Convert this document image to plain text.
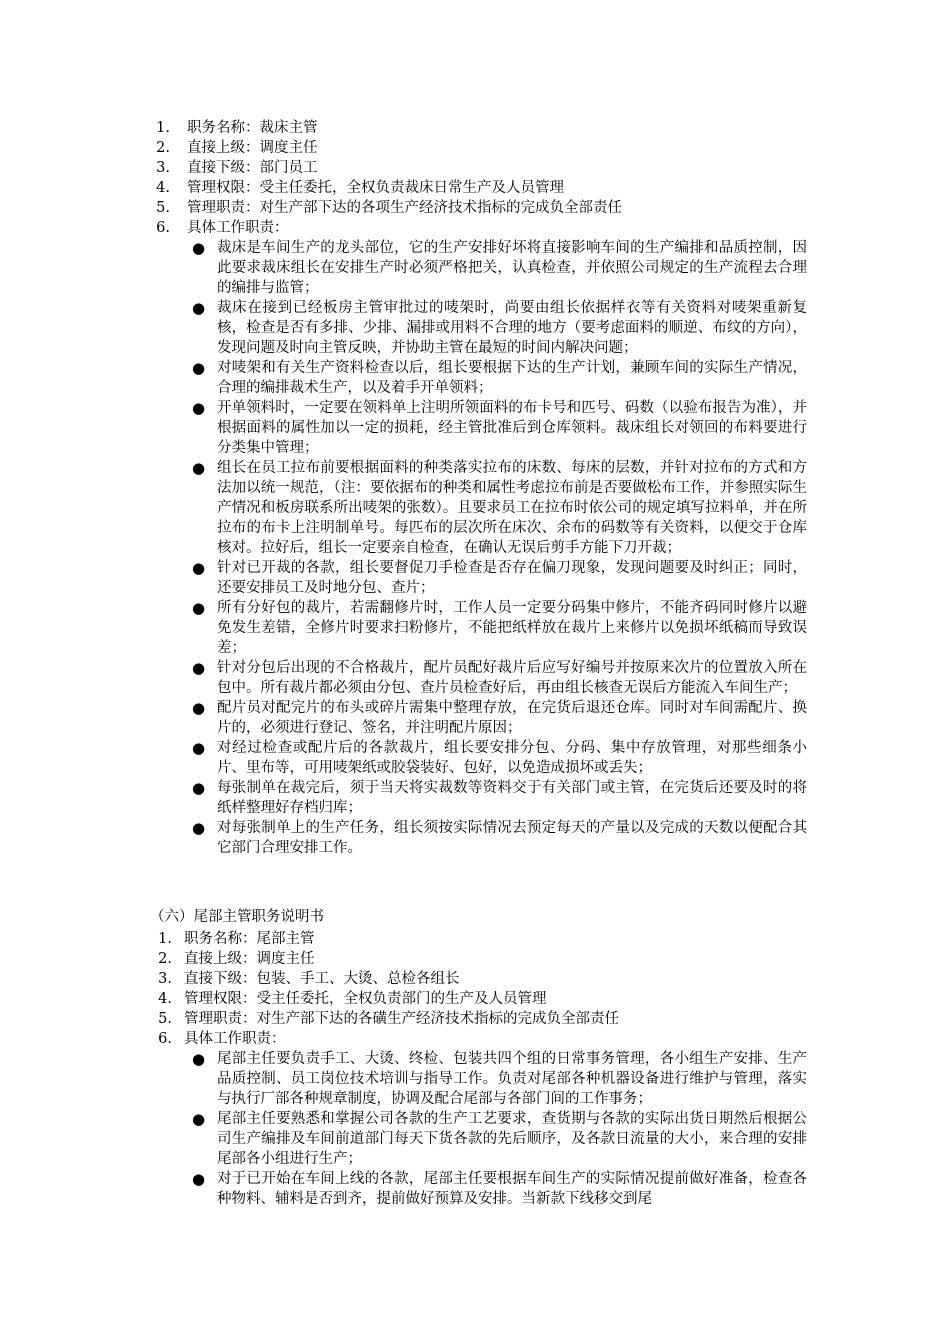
1. 职务名称：裁床主管
2. 直接上级：调度主任
3. 直接下级：部门员工
4. 管理权限：受主任委托，全权负责裁床日常生产及人员管理
5. 管理职责：对生产部下达的各项生产经济技术指标的完成负全部责任
6. 具体工作职责：
● 裁床是车间生产的龙头部位，它的生产安排好坏将直接影响车间的生产编排和品质控制，因此要求裁床组长在安排生产时必须严格把关，认真检查，并依照公司规定的生产流程去合理的编排与监管；
● 裁床在接到已经板房主管审批过的唛架时，尚要由组长依据样衣等有关资料对唛架重新复核，检查是否有多排、少排、漏排或用料不合理的地方（要考虑面料的顺逆、布纹的方向），发现问题及时向主管反映，并协助主管在最短的时间内解决问题；
● 对唛架和有关生产资料检查以后，组长要根据下达的生产计划，兼顾车间的实际生产情况，合理的编排裁术生产，以及着手开单领料；
● 开单领料时，一定要在领料单上注明所领面料的布卡号和匹号、码数（以验布报告为准），并根据面料的属性加以一定的损耗，经主管批准后到仓库领料。裁床组长对领回的布料要进行分类集中管理；
● 组长在员工拉布前要根据面料的种类落实拉布的床数、每床的层数，并针对拉布的方式和方法加以统一规范，（注：要依据布的种类和属性考虑拉布前是否要做松布工作，并参照实际生产情况和板房联系所出唛架的张数）。且要求员工在拉布时依公司的规定填写拉料单，并在所拉布的布卡上注明制单号。每匹布的层次所在床次、余布的码数等有关资料，以便交于仓库核对。拉好后，组长一定要亲自检查，在确认无误后剪手方能下刀开裁；
● 针对已开裁的各款，组长要督促刀手检查是否存在偏刀现象，发现问题要及时纠正；同时，还要安排员工及时地分包、查片；
● 所有分好包的裁片，若需翻修片时，工作人员一定要分码集中修片，不能齐码同时修片以避免发生差错，全修片时要求扫粉修片，不能把纸样放在裁片上来修片以免损坏纸稿而导致误差；
● 针对分包后出现的不合格裁片，配片员配好裁片后应写好编号并按原来次片的位置放入所在包中。所有裁片都必须由分包、查片员检查好后，再由组长核查无误后方能流入车间生产；
● 配片员对配完片的布头或碎片需集中整理存放，在完货后退还仓库。同时对车间需配片、换片的，必须进行登记、签名，并注明配片原因；
● 对经过检查或配片后的各款裁片，组长要安排分包、分码、集中存放管理，对那些细条小片、里布等，可用唛架纸或胶袋装好、包好，以免造成损坏或丢失；
● 每张制单在裁完后，须于当天将实裁数等资料交于有关部门或主管，在完货后还要及时的将纸样整理好存档归库；
● 对每张制单上的生产任务，组长须按实际情况去预定每天的产量以及完成的天数以便配合其它部门合理安排工作。
（六）尾部主管职务说明书
1. 职务名称：尾部主管
2. 直接上级：调度主任
3. 直接下级：包装、手工、大烫、总检各组长
4. 管理权限：受主任委托，全权负责部门的生产及人员管理
5. 管理职责：对生产部下达的各磺生产经济技术指标的完成负全部责任
6. 具体工作职责：
● 尾部主任要负责手工、大烫、终检、包装共四个组的日常事务管理，各小组生产安排、生产品质控制、员工岗位技术培训与指导工作。负责对尾部各种机器设备进行维护与管理，落实与执行厂部各种规章制度，协调及配合尾部与各部门间的工作事务；
● 尾部主任要熟悉和掌握公司各款的生产工艺要求，查货期与各款的实际出货日期然后根据公司生产编排及车间前道部门每天下货各款的先后顺序，及各款日流量的大小，来合理的安排尾部各小组进行生产；
● 对于已开始在车间上线的各款，尾部主任要根据车间生产的实际情况提前做好准备，检查各种物料、辅料是否到齐，提前做好预算及安排。当新款下线移交到尾
